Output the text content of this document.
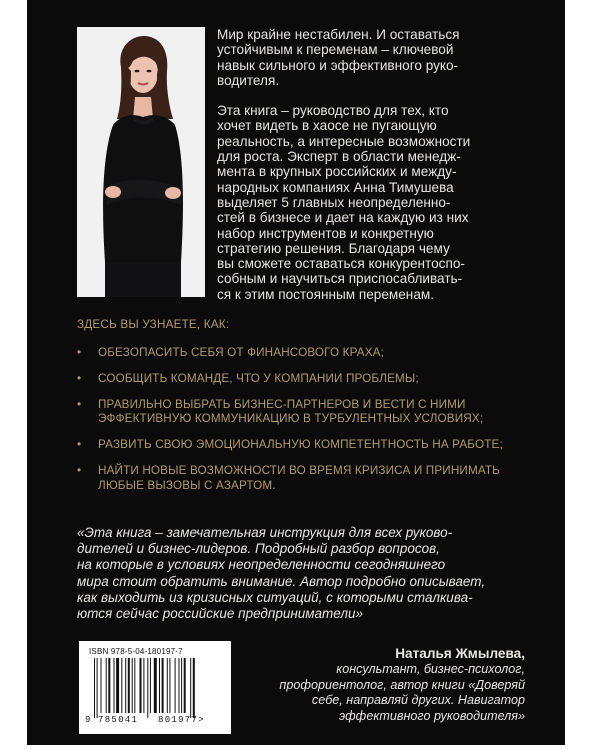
Мир крайне нестабилен. И оставаться
устойчивым к переменам – ключевой
навык сильного и эффективного руко-
водителя.

Эта книга – руководство для тех, кто
хочет видеть в хаосе не пугающую
реальность, а интересные возможности
для роста. Эксперт в области менедж-
мента в крупных российских и между-
народных компаниях Анна Тимушева
выделяет 5 главных неопределенно-
стей в бизнесе и дает на каждую из них
набор инструментов и конкретную
стратегию решения. Благодаря чему
вы сможете оставаться конкурентоспо-
собным и научиться приспосабливать-
ся к этим постоянным переменам.

ЗДЕСЬ ВЫ УЗНАЕТЕ, КАК:
• ОБЕЗОПАСИТЬ СЕБЯ ОТ ФИНАНСОВОГО КРАХА;
• СООБЩИТЬ КОМАНДЕ, ЧТО У КОМПАНИИ ПРОБЛЕМЫ;
• ПРАВИЛЬНО ВЫБРАТЬ БИЗНЕС-ПАРТНЕРОВ И ВЕСТИ С НИМИ
ЭФФЕКТИВНУЮ КОММУНИКАЦИЮ В ТУРБУЛЕНТНЫХ УСЛОВИЯХ;
• РАЗВИТЬ СВОЮ ЭМОЦИОНАЛЬНУЮ КОМПЕТЕНТНОСТЬ НА РАБОТЕ;
• НАЙТИ НОВЫЕ ВОЗМОЖНОСТИ ВО ВРЕМЯ КРИЗИСА И ПРИНИМАТЬ
ЛЮБЫЕ ВЫЗОВЫ С АЗАРТОМ.
«Эта книга – замечательная инструкция для всех руково-
дителей и бизнес-лидеров. Подробный разбор вопросов,
на которые в условиях неопределенности сегодняшнего
мира стоит обратить внимание. Автор подробно описывает,
как выходить из кризисных ситуаций, с которыми сталкива-
ются сейчас российские предприниматели»
ISBN 978-5-04-180197-7
9 785041 801977>
Наталья Жмылева,
консультант, бизнес-психолог,
профориентолог, автор книги «Доверяй
себе, направляй других. Навигатор
эффективного руководителя»
